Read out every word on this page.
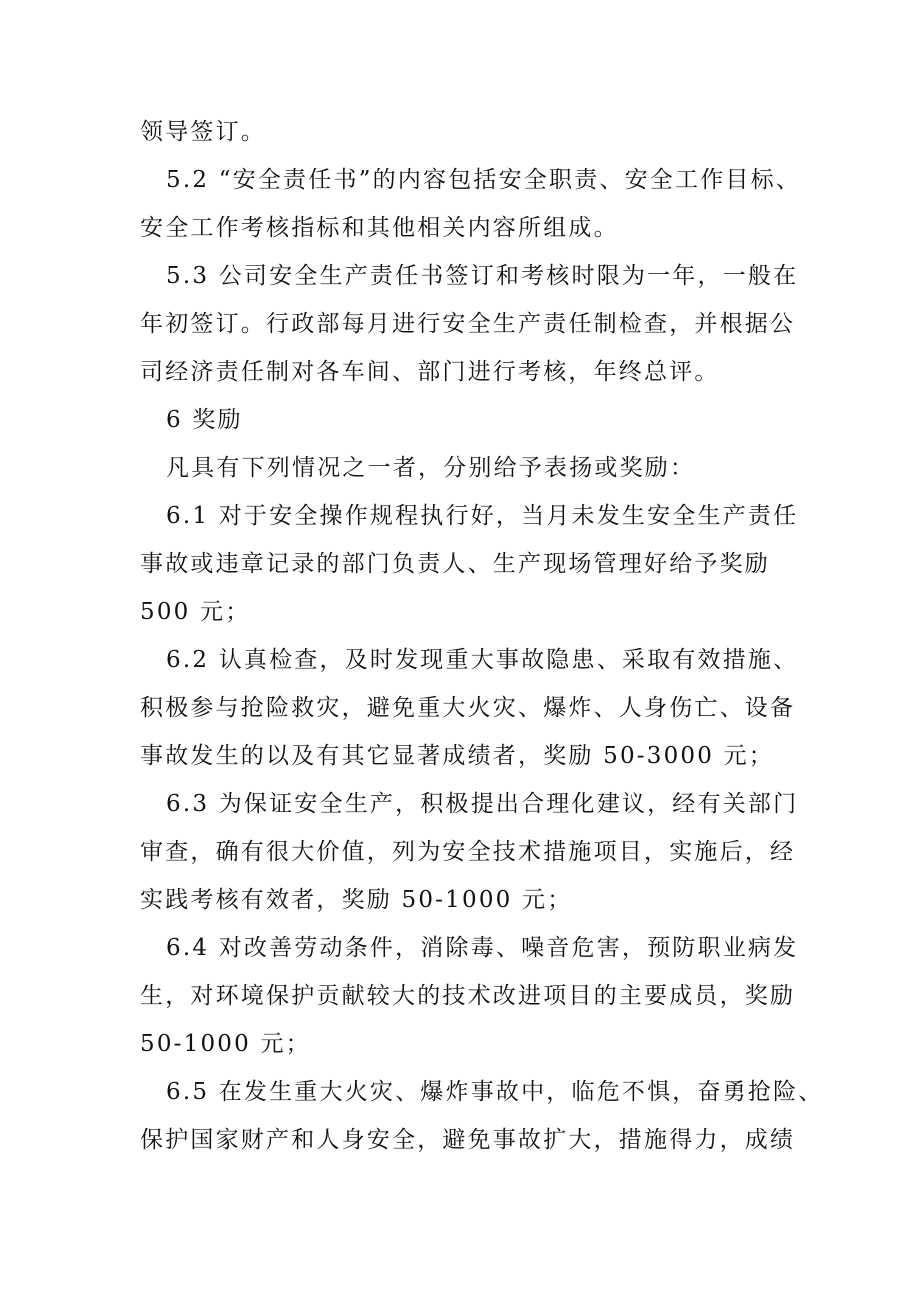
领导签订。

5.2 “安全责任书”的内容包括安全职责、安全工作目标、
安全工作考核指标和其他相关内容所组成。

5.3 公司安全生产责任书签订和考核时限为一年，一般在
年初签订。行政部每月进行安全生产责任制检查，并根据公
司经济责任制对各车间、部门进行考核，年终总评。

6 奖励

凡具有下列情况之一者，分别给予表扬或奖励：

6.1 对于安全操作规程执行好，当月未发生安全生产责任
事故或违章记录的部门负责人、生产现场管理好给予奖励
500 元；

6.2 认真检查，及时发现重大事故隐患、采取有效措施、
积极参与抢险救灾，避免重大火灾、爆炸、人身伤亡、设备
事故发生的以及有其它显著成绩者，奖励 50-3000 元；

6.3 为保证安全生产，积极提出合理化建议，经有关部门
审查，确有很大价值，列为安全技术措施项目，实施后，经
实践考核有效者，奖励 50-1000 元；

6.4 对改善劳动条件，消除毒、噪音危害，预防职业病发
生，对环境保护贡献较大的技术改进项目的主要成员，奖励
50-1000 元；

6.5 在发生重大火灾、爆炸事故中，临危不惧，奋勇抢险、
保护国家财产和人身安全，避免事故扩大，措施得力，成绩
